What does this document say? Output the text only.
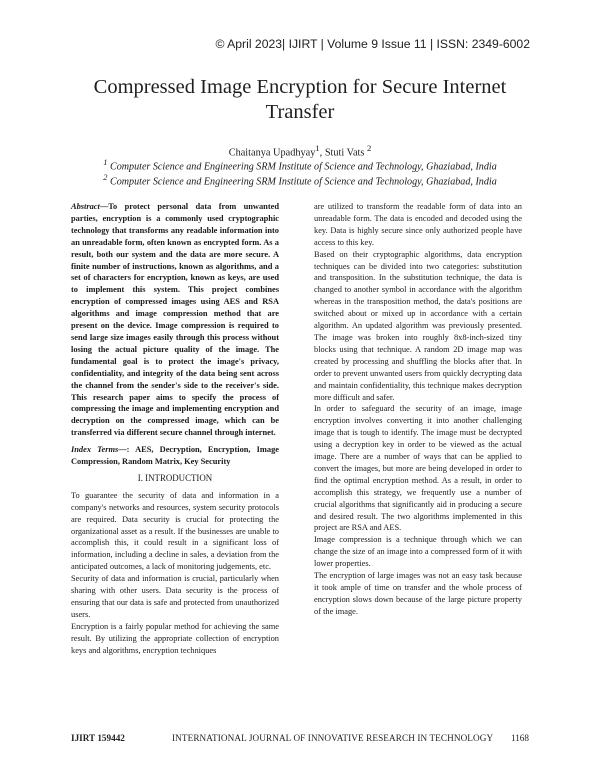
© April 2023| IJIRT | Volume 9 Issue 11 | ISSN: 2349-6002
Compressed Image Encryption for Secure Internet Transfer
Chaitanya Upadhyay$^1$, Stuti Vats $^2$
$^1$ Computer Science and Engineering SRM Institute of Science and Technology, Ghaziabad, India
$^2$ Computer Science and Engineering SRM Institute of Science and Technology, Ghaziabad, India

Abstract—To protect personal data from unwanted parties, encryption is a commonly used cryptographic technology that transforms any readable information into an unreadable form, often known as encrypted form. As a result, both our system and the data are more secure. A finite number of instructions, known as algorithms, and a set of characters for encryption, known as keys, are used to implement this system. This project combines encryption of compressed images using AES and RSA algorithms and image compression method that are present on the device. Image compression is required to send large size images easily through this process without losing the actual picture quality of the image. The fundamental goal is to protect the image's privacy, confidentiality, and integrity of the data being sent across the channel from the sender's side to the receiver's side. This research paper aims to specify the process of compressing the image and implementing encryption and decryption on the compressed image, which can be transferred via different secure channel through internet.

Index Terms—: AES, Decryption, Encryption, Image Compression, Random Matrix, Key Security

I. INTRODUCTION

To guarantee the security of data and information in a company's networks and resources, system security protocols are required. Data security is crucial for protecting the organizational asset as a result. If the businesses are unable to accomplish this, it could result in a significant loss of information, including a decline in sales, a deviation from the anticipated outcomes, a lack of monitoring judgements, etc.

Security of data and information is crucial, particularly when sharing with other users. Data security is the process of ensuring that our data is safe and protected from unauthorized users.

Encryption is a fairly popular method for achieving the same result. By utilizing the appropriate collection of encryption keys and algorithms, encryption techniques

are utilized to transform the readable form of data into an unreadable form. The data is encoded and decoded using the key. Data is highly secure since only authorized people have access to this key.

Based on their cryptographic algorithms, data encryption techniques can be divided into two categories: substitution and transposition. In the substitution technique, the data is changed to another symbol in accordance with the algorithm whereas in the transposition method, the data's positions are switched about or mixed up in accordance with a certain algorithm. An updated algorithm was previously presented. The image was broken into roughly 8x8-inch-sized tiny blocks using that technique. A random 2D image map was created by processing and shuffling the blocks after that. In order to prevent unwanted users from quickly decrypting data and maintain confidentiality, this technique makes decryption more difficult and safer.

In order to safeguard the security of an image, image encryption involves converting it into another challenging image that is tough to identify. The image must be decrypted using a decryption key in order to be viewed as the actual image. There are a number of ways that can be applied to convert the images, but more are being developed in order to find the optimal encryption method. As a result, in order to accomplish this strategy, we frequently use a number of crucial algorithms that significantly aid in producing a secure and desired result. The two algorithms implemented in this project are RSA and AES.

Image compression is a technique through which we can change the size of an image into a compressed form of it with lower properties.

The encryption of large images was not an easy task because it took ample of time on transfer and the whole process of encryption slows down because of the large picture property of the image.

IJIRT 159442	INTERNATIONAL JOURNAL OF INNOVATIVE RESEARCH IN TECHNOLOGY 1168
